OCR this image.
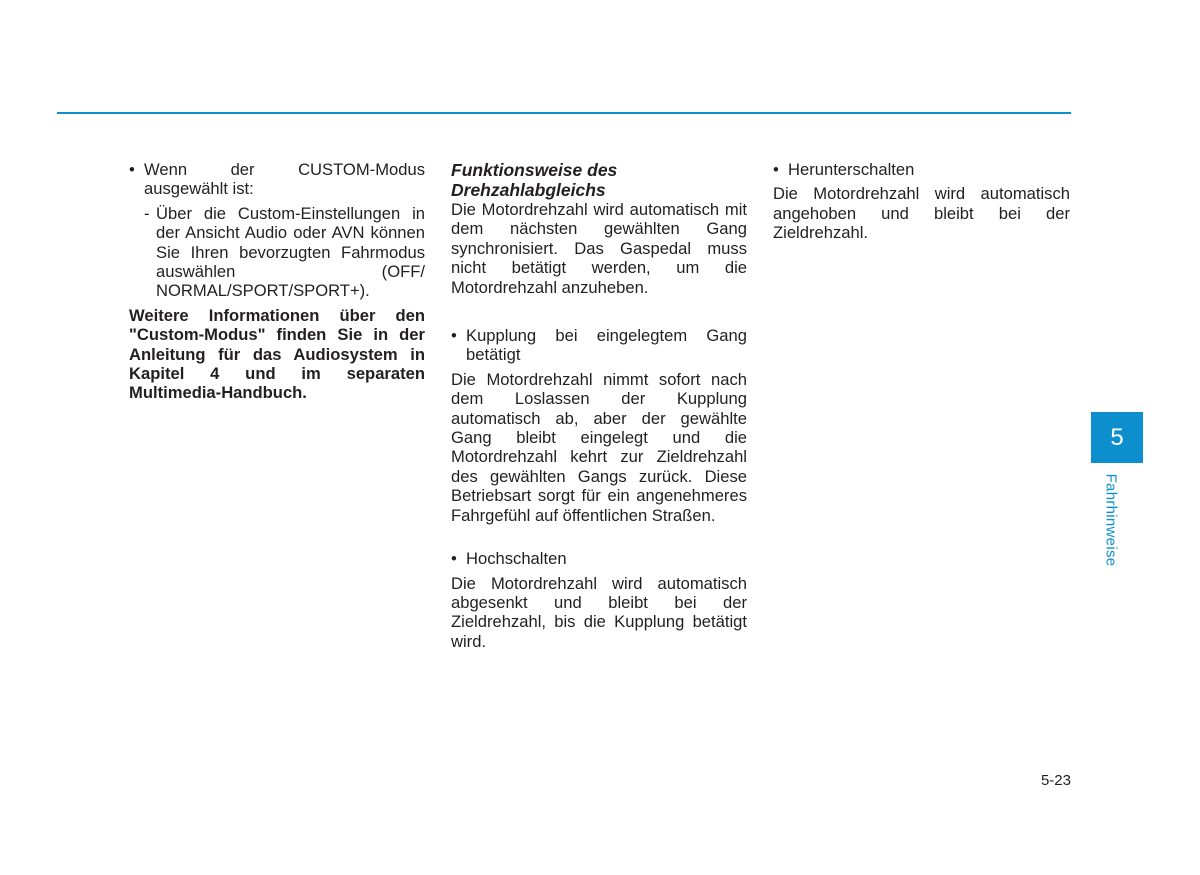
• Wenn der CUSTOM-Modus ausgewählt ist:

- Über die Custom-Einstellungen in der Ansicht Audio oder AVN können Sie Ihren bevorzugten Fahrmodus auswählen (OFF/ NORMAL/SPORT/SPORT+).

Weitere Informationen über den "Custom-Modus" finden Sie in der Anleitung für das Audiosystem in Kapitel 4 und im separaten Multimedia-Handbuch.

Funktionsweise des Drehzahlabgleichs

Die Motordrehzahl wird automatisch mit dem nächsten gewählten Gang synchronisiert. Das Gaspedal muss nicht betätigt werden, um die Motordrehzahl anzuheben.

• Kupplung bei eingelegtem Gang betätigt

Die Motordrehzahl nimmt sofort nach dem Loslassen der Kupplung automatisch ab, aber der gewählte Gang bleibt eingelegt und die Motordrehzahl kehrt zur Zieldrehzahl des gewählten Gangs zurück. Diese Betriebsart sorgt für ein angenehmeres Fahrgefühl auf öffentlichen Straßen.

• Hochschalten

Die Motordrehzahl wird automatisch abgesenkt und bleibt bei der Zieldrehzahl, bis die Kupplung betätigt wird.

• Herunterschalten

Die Motordrehzahl wird automatisch angehoben und bleibt bei der Zieldrehzahl.

5
Fahrhinweise
5-23
